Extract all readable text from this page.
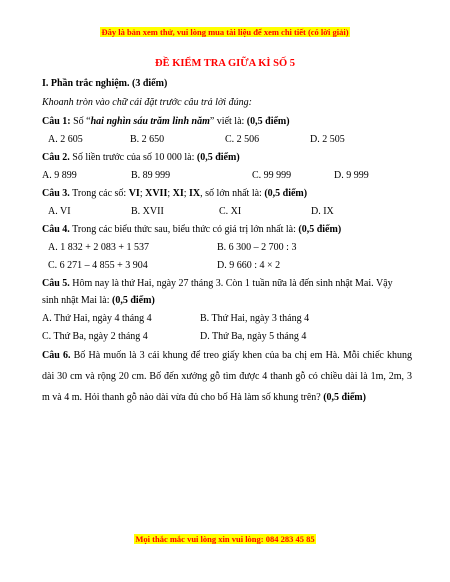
Đây là bản xem thử, vui lòng mua tài liệu để xem chi tiết (có lời giải)
ĐỀ KIỂM TRA GIỮA KÌ SỐ 5
I. Phần trắc nghiệm. (3 điểm)
Khoanh tròn vào chữ cái đặt trước câu trả lời đúng:
Câu 1: Số “hai nghìn sáu trăm linh năm” viết là: (0,5 điểm)
A. 2 605	B. 2 650	C. 2 506	D. 2 505
Câu 2. Số liền trước của số 10 000 là: (0,5 điểm)
A. 9 899	B. 89 999	C. 99 999	D. 9 999
Câu 3. Trong các số: VI; XVII; XI; IX, số lớn nhất là: (0,5 điểm)
A. VI	B. XVII	C. XI	D. IX
Câu 4. Trong các biểu thức sau, biểu thức có giá trị lớn nhất là: (0,5 điểm)
A. 1 832 + 2 083 + 1 537	B. 6 300 – 2 700 : 3
C. 6 271 – 4 855 + 3 904	D. 9 660 : 4 × 2
Câu 5. Hôm nay là thứ Hai, ngày 27 tháng 3. Còn 1 tuần nữa là đến sinh nhật Mai. Vậy
sinh nhật Mai là: (0,5 điểm)
A. Thứ Hai, ngày 4 tháng 4	B. Thứ Hai, ngày 3 tháng 4
C. Thứ Ba, ngày 2 tháng 4	D. Thứ Ba, ngày 5 tháng 4
Câu 6. Bố Hà muốn là 3 cái khung để treo giấy khen của ba chị em Hà. Mỗi chiếc khung dài 30 cm và rộng 20 cm. Bố đến xưởng gỗ tìm được 4 thanh gỗ có chiều dài là 1m, 2m, 3 m và 4 m. Hỏi thanh gỗ nào dài vừa đủ cho bố Hà làm số khung trên? (0,5 điểm)
Mọi thắc mắc vui lòng xin vui lòng: 084 283 45 85
